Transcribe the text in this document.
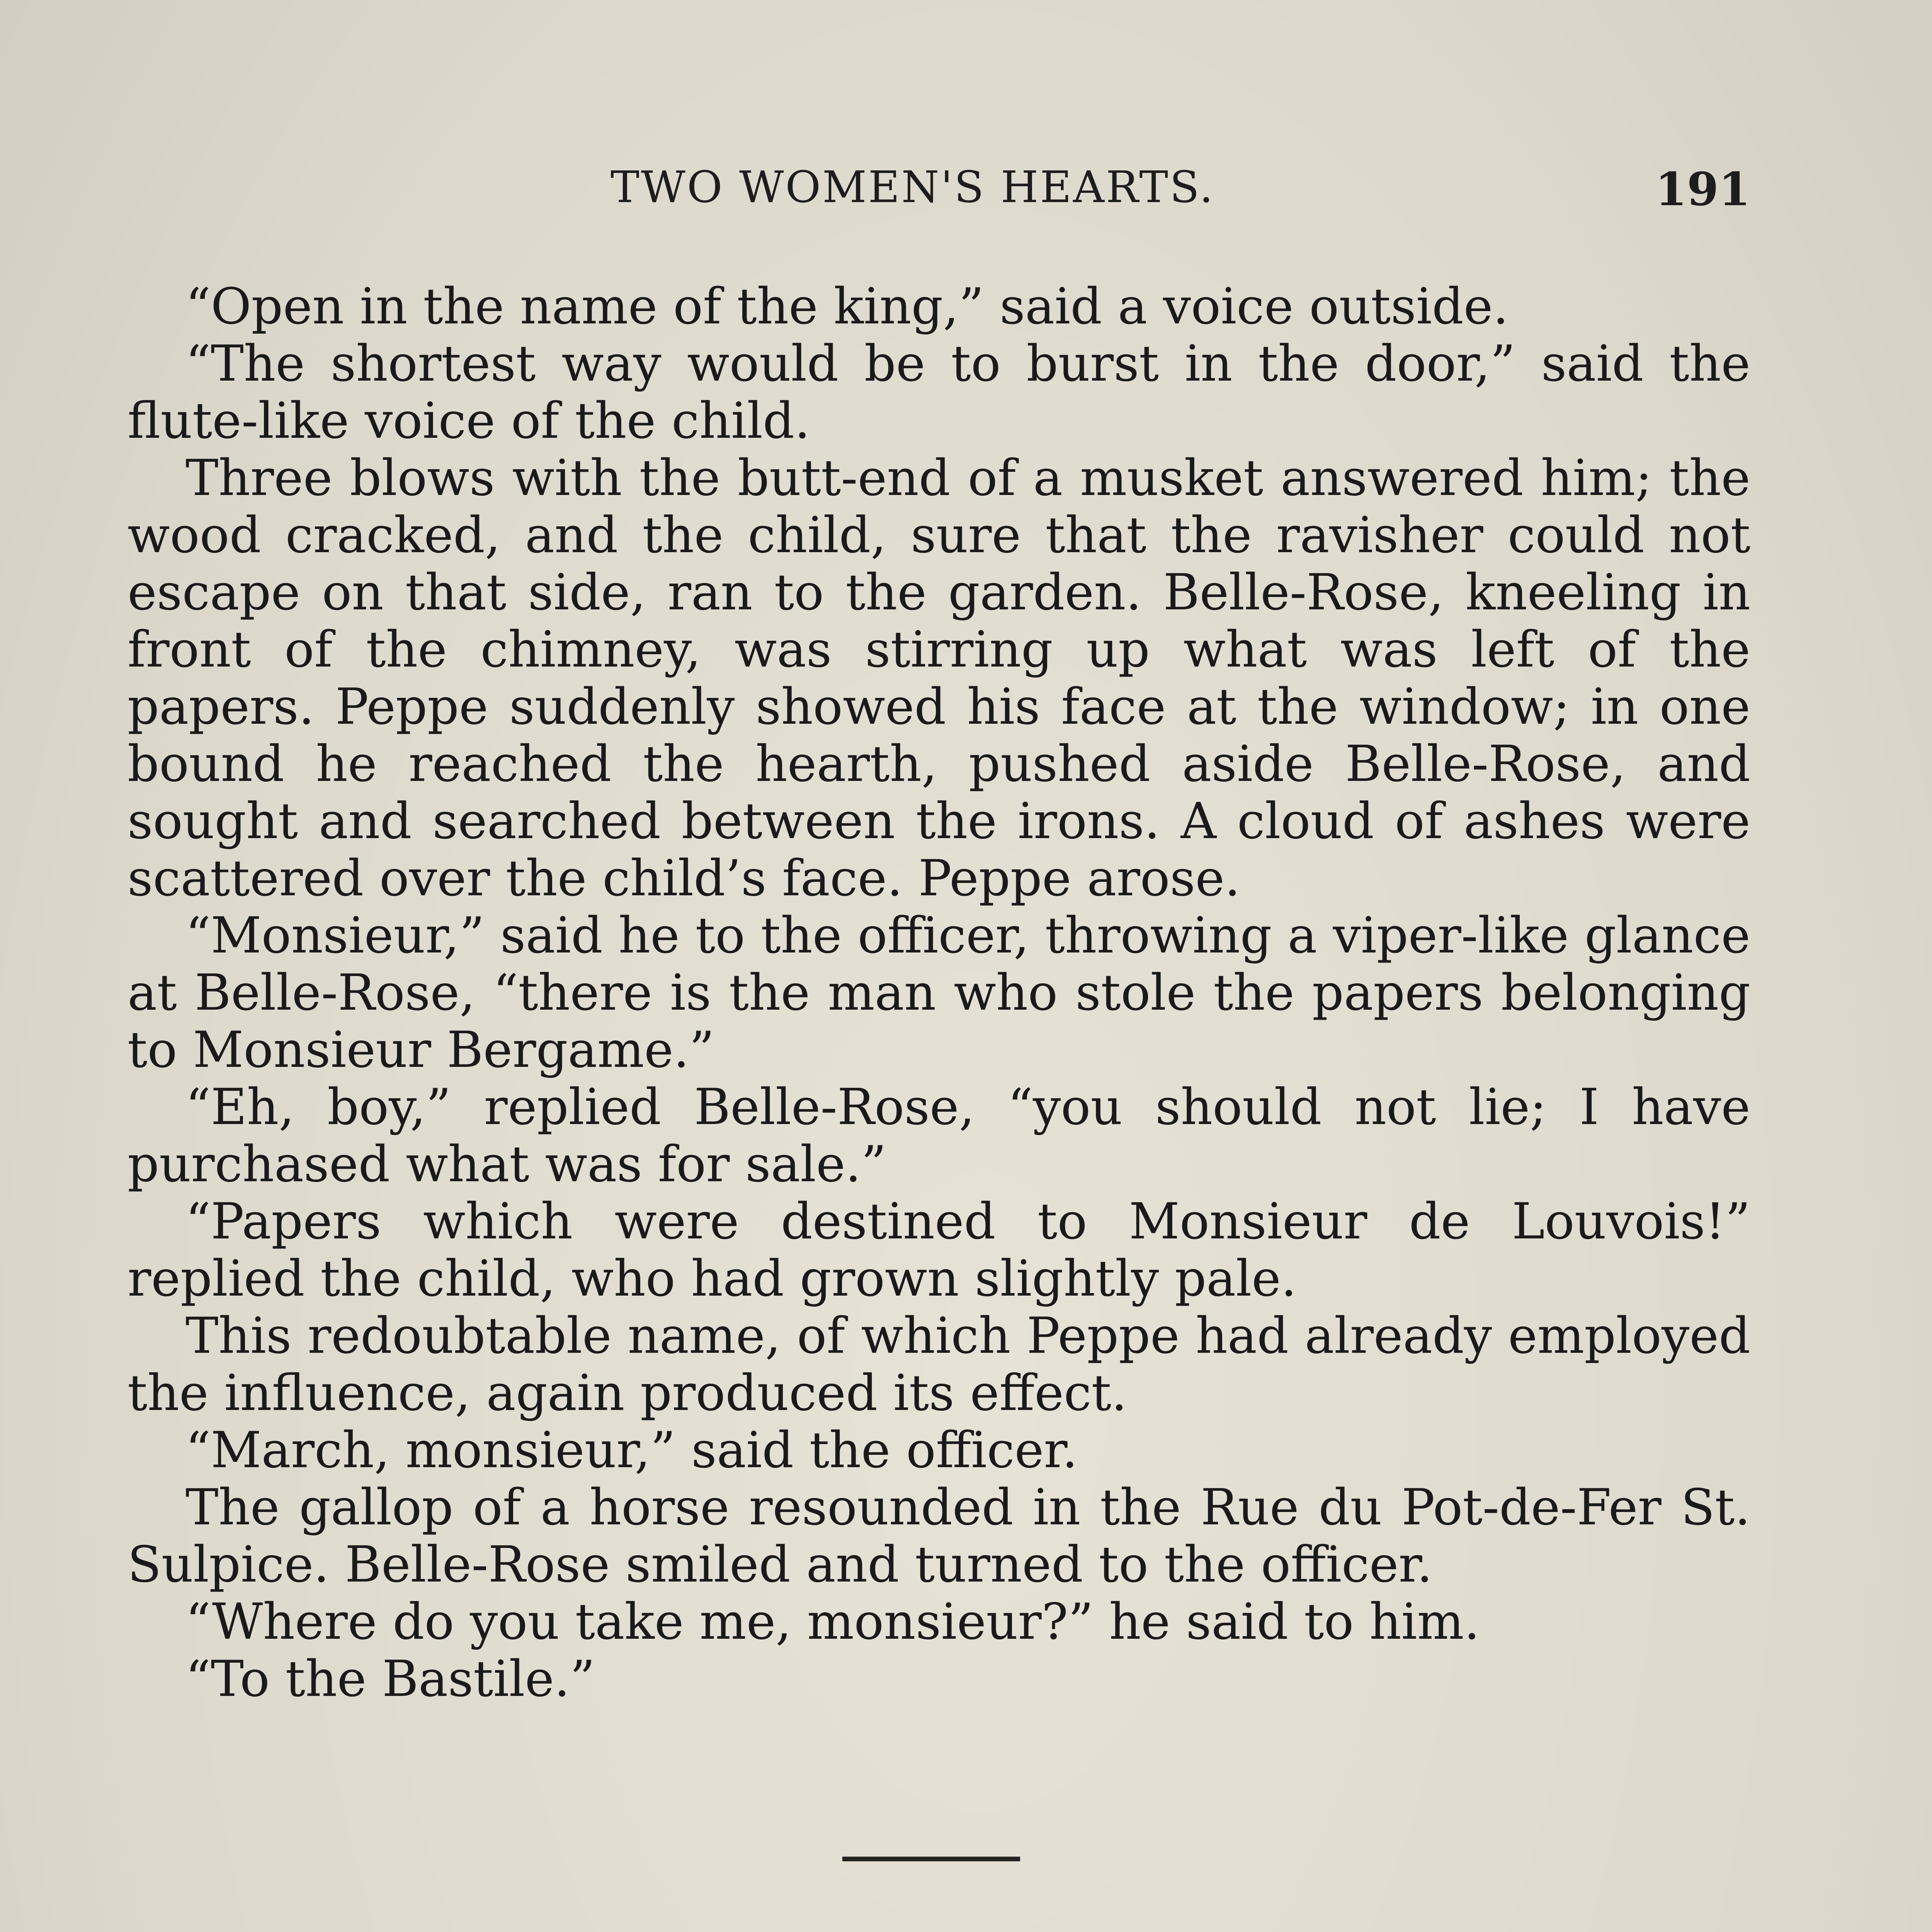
TWO WOMEN'S HEARTS.	191

“Open in the name of the king,” said a voice outside.

“The shortest way would be to burst in the door,” said the flute-like voice of the child.

Three blows with the butt-end of a musket answered him; the wood cracked, and the child, sure that the ravisher could not escape on that side, ran to the garden. Belle-Rose, kneeling in front of the chimney, was stirring up what was left of the papers. Peppe suddenly showed his face at the window; in one bound he reached the hearth, pushed aside Belle-Rose, and sought and searched between the irons. A cloud of ashes were scattered over the child’s face. Peppe arose.

“Monsieur,” said he to the officer, throwing a viper-like glance at Belle-Rose, “there is the man who stole the papers belonging to Monsieur Bergame.”

“Eh, boy,” replied Belle-Rose, “you should not lie; I have purchased what was for sale.”

“Papers which were destined to Monsieur de Louvois!” replied the child, who had grown slightly pale.

This redoubtable name, of which Peppe had already employed the influence, again produced its effect.

“March, monsieur,” said the officer.

The gallop of a horse resounded in the Rue du Pot-de-Fer St. Sulpice. Belle-Rose smiled and turned to the officer.

“Where do you take me, monsieur?” he said to him.

“To the Bastile.”
